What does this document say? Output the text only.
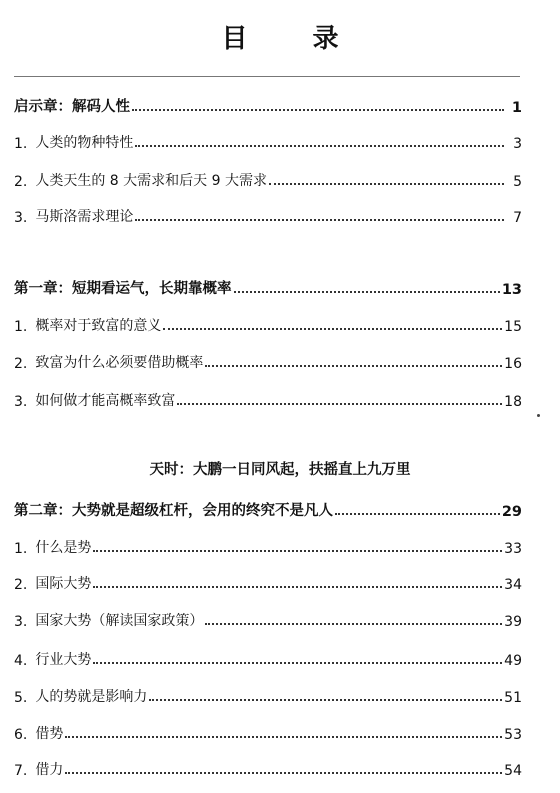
目 录
启示章：解码人性	1
1. 人类的物种特性	3
2. 人类天生的 8 大需求和后天 9 大需求	5
3. 马斯洛需求理论	7
第一章：短期看运气，长期靠概率	13
1. 概率对于致富的意义	15
2. 致富为什么必须要借助概率	16
3. 如何做才能高概率致富	18
天时：大鹏一日同风起，扶摇直上九万里
第二章：大势就是超级杠杆，会用的终究不是凡人	29
1. 什么是势	33
2. 国际大势	34
3. 国家大势（解读国家政策）	39
4. 行业大势	49
5. 人的势就是影响力	51
6. 借势	53
7. 借力	54
